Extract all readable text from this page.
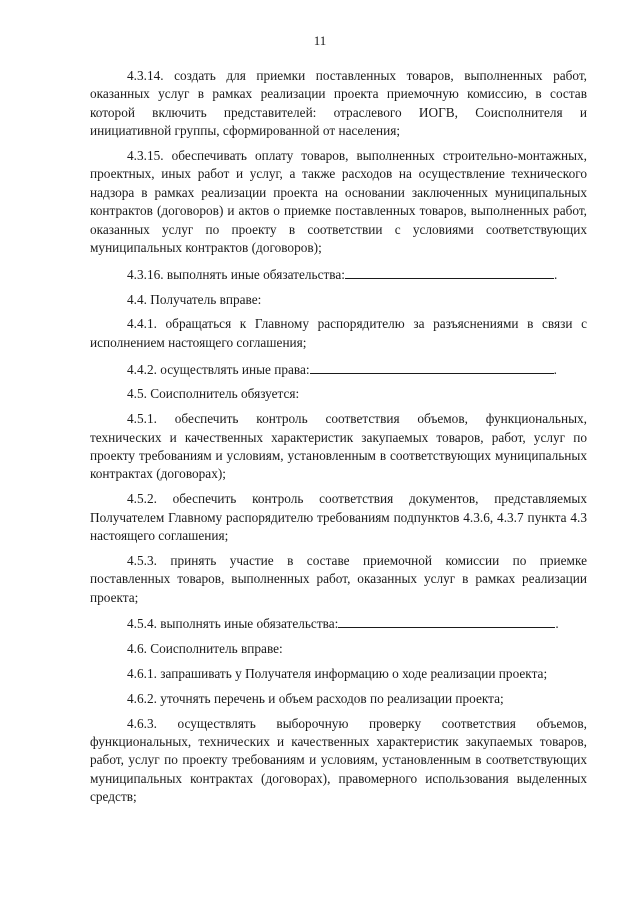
11

4.3.14. создать для приемки поставленных товаров, выполненных работ, оказанных услуг в рамках реализации проекта приемочную комиссию, в состав которой включить представителей: отраслевого ИОГВ, Соисполнителя и инициативной группы, сформированной от населения;

4.3.15. обеспечивать оплату товаров, выполненных строительно-монтажных, проектных, иных работ и услуг, а также расходов на осуществление технического надзора в рамках реализации проекта на основании заключенных муниципальных контрактов (договоров) и актов о приемке поставленных товаров, выполненных работ, оказанных услуг по проекту в соответствии с условиями соответствующих муниципальных контрактов (договоров);

4.3.16. выполнять иные обязательства:	.

4.4. Получатель вправе:

4.4.1. обращаться к Главному распорядителю за разъяснениями в связи с исполнением настоящего соглашения;

4.4.2. осуществлять иные права:	.

4.5. Соисполнитель обязуется:

4.5.1. обеспечить контроль соответствия объемов, функциональных, технических и качественных характеристик закупаемых товаров, работ, услуг по проекту требованиям и условиям, установленным в соответствующих муниципальных контрактах (договорах);

4.5.2. обеспечить контроль соответствия документов, представляемых Получателем Главному распорядителю требованиям подпунктов 4.3.6, 4.3.7 пункта 4.3 настоящего соглашения;

4.5.3. принять участие в составе приемочной комиссии по приемке поставленных товаров, выполненных работ, оказанных услуг в рамках реализации проекта;

4.5.4. выполнять иные обязательства:	.

4.6. Соисполнитель вправе:

4.6.1. запрашивать у Получателя информацию о ходе реализации проекта;

4.6.2. уточнять перечень и объем расходов по реализации проекта;

4.6.3. осуществлять выборочную проверку соответствия объемов, функциональных, технических и качественных характеристик закупаемых товаров, работ, услуг по проекту требованиям и условиям, установленным в соответствующих муниципальных контрактах (договорах), правомерного использования выделенных средств;
